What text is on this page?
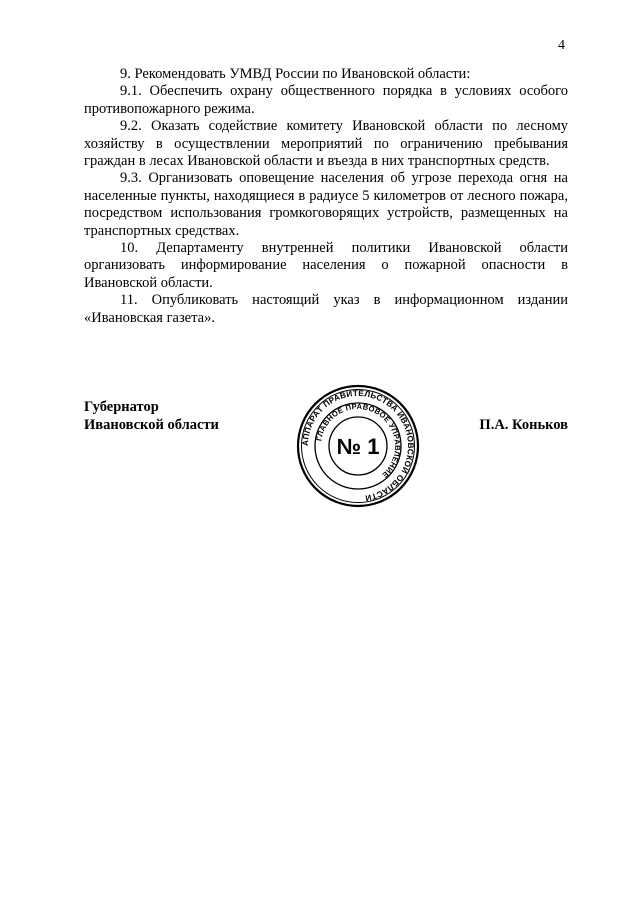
4

9. Рекомендовать УМВД России по Ивановской области:

9.1. Обеспечить охрану общественного порядка в условиях особого противопожарного режима.

9.2. Оказать содействие комитету Ивановской области по лесному хозяйству в осуществлении мероприятий по ограничению пребывания граждан в лесах Ивановской области и въезда в них транспортных средств.

9.3. Организовать оповещение населения об угрозе перехода огня на населенные пункты, находящиеся в радиусе 5 километров от лесного пожара, посредством использования громкоговорящих устройств, размещенных на транспортных средствах.

10. Департаменту внутренней политики Ивановской области организовать информирование населения о пожарной опасности в Ивановской области.

11. Опубликовать настоящий указ в информационном издании «Ивановская газета».

Губернатор
Ивановской области	П.А. Коньков
АППАРАТ ПРАВИТЕЛЬСТВА ИВАНОВСКОЙ ОБЛАСТИ
ГЛАВНОЕ ПРАВОВОЕ УПРАВЛЕНИЕ
№ 1
